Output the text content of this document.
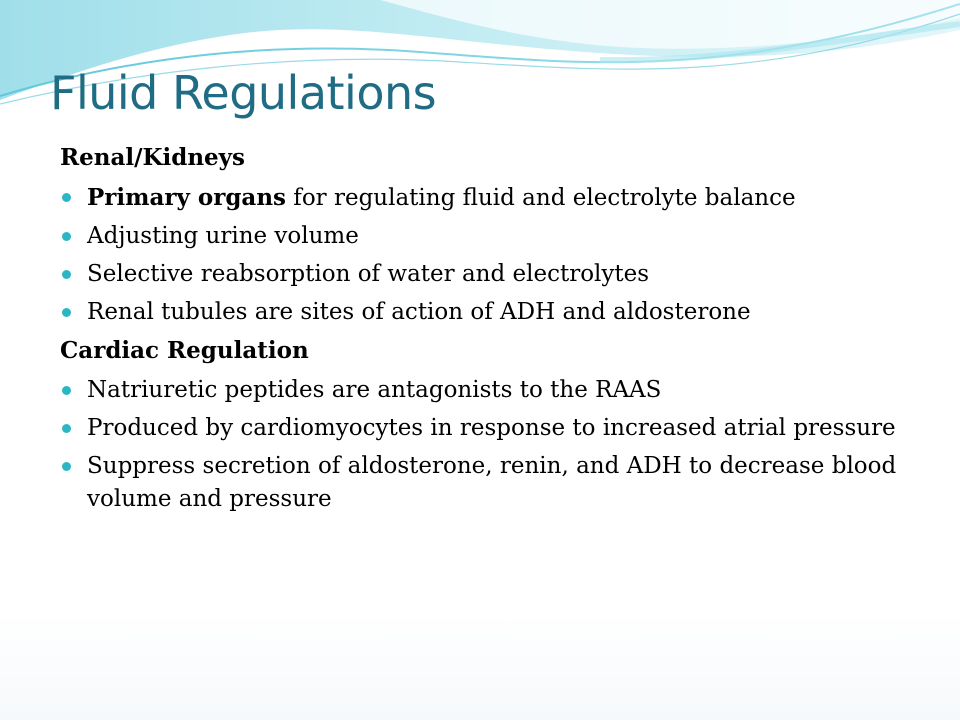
Fluid Regulations

Renal/Kidneys

Primary organs for regulating fluid and electrolyte balance
Adjusting urine volume
Selective reabsorption of water and electrolytes
Renal tubules are sites of action of ADH and aldosterone

Cardiac Regulation

Natriuretic peptides are antagonists to the RAAS
Produced by cardiomyocytes in response to increased atrial pressure
Suppress secretion of aldosterone, renin, and ADH to decrease blood volume and pressure
